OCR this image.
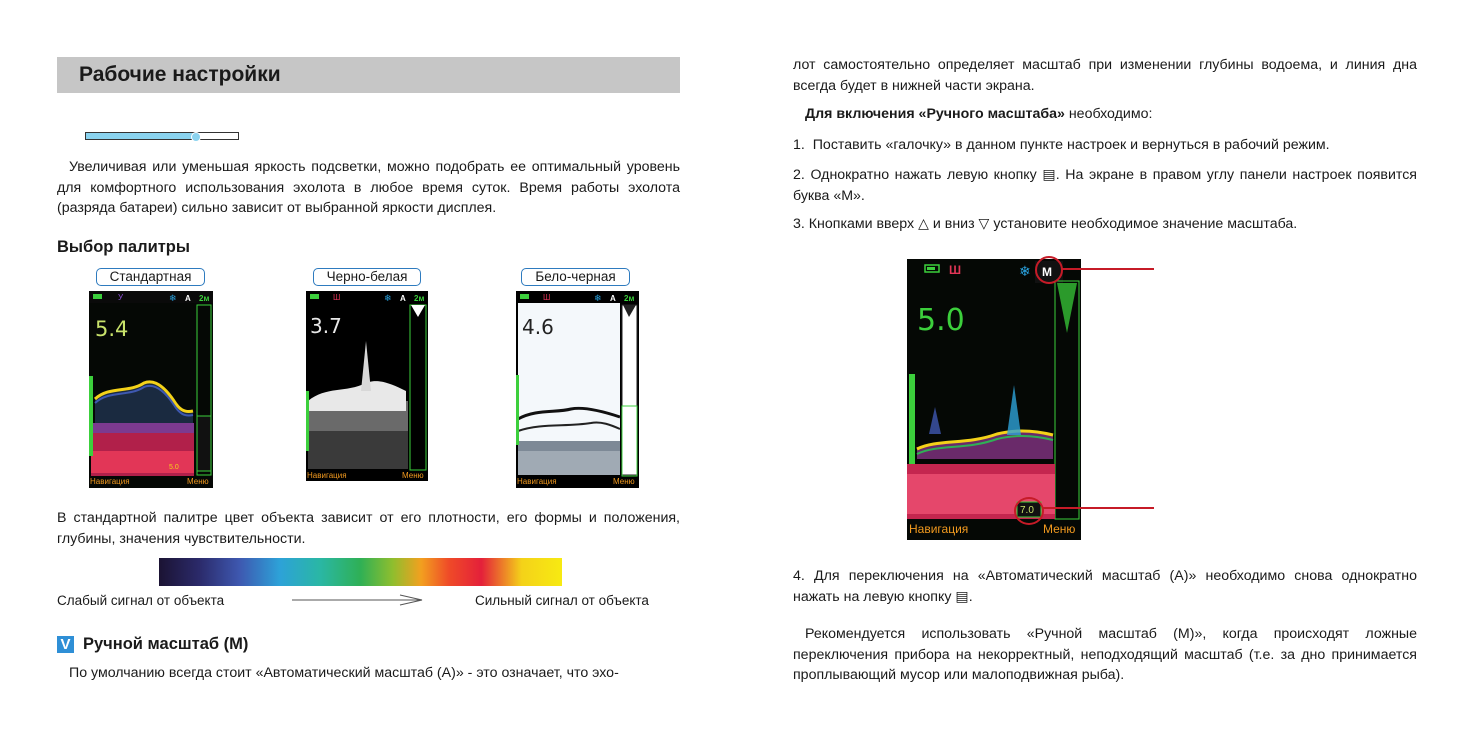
Рабочие настройки

Увеличивая или уменьшая яркость подсветки, можно подобрать ее оптимальный уровень для комфортного использования эхолота в любое время суток. Время работы эхолота (разряда батареи) сильно зависит от выбранной яркости дисплея.

Выбор палитры
Стандартная	Черно-белая	Бело-черная
У	❄ A 2м
5.4
5.0
Навигация	Меню
Ш	❄ A 2м
3.7
Навигация	Меню
Ш	❄ A 2м
4.6
Навигация	Меню

В стандартной палитре цвет объекта зависит от его плотности, его формы и положения, глубины, значения чувствительности.

Слабый сигнал от объекта	Сильный сигнал от объекта
V Ручной масштаб (М)

По умолчанию всегда стоит «Автоматический масштаб (А)» - это означает, что эхо-

лот самостоятельно определяет масштаб при изменении глубины водоема, и линия дна всегда будет в нижней части экрана.

Для включения «Ручного масштаба» необходимо:

1. Поставить «галочку» в данном пункте настроек и вернуться в рабочий режим.

2. Однократно нажать левую кнопку ▤. На экране в правом углу панели настроек появится буква «М».

3. Кнопками вверх △ и вниз ▽ установите необходимое значение масштаба.

Ш	❄ М
7.0
5.0
Навигация	Меню

4. Для переключения на «Автоматический масштаб (А)» необходимо снова однократно нажать на левую кнопку ▤.

Рекомендуется использовать «Ручной масштаб (М)», когда происходят ложные переключения прибора на некорректный, неподходящий масштаб (т.е. за дно принимается проплывающий мусор или малоподвижная рыба).
